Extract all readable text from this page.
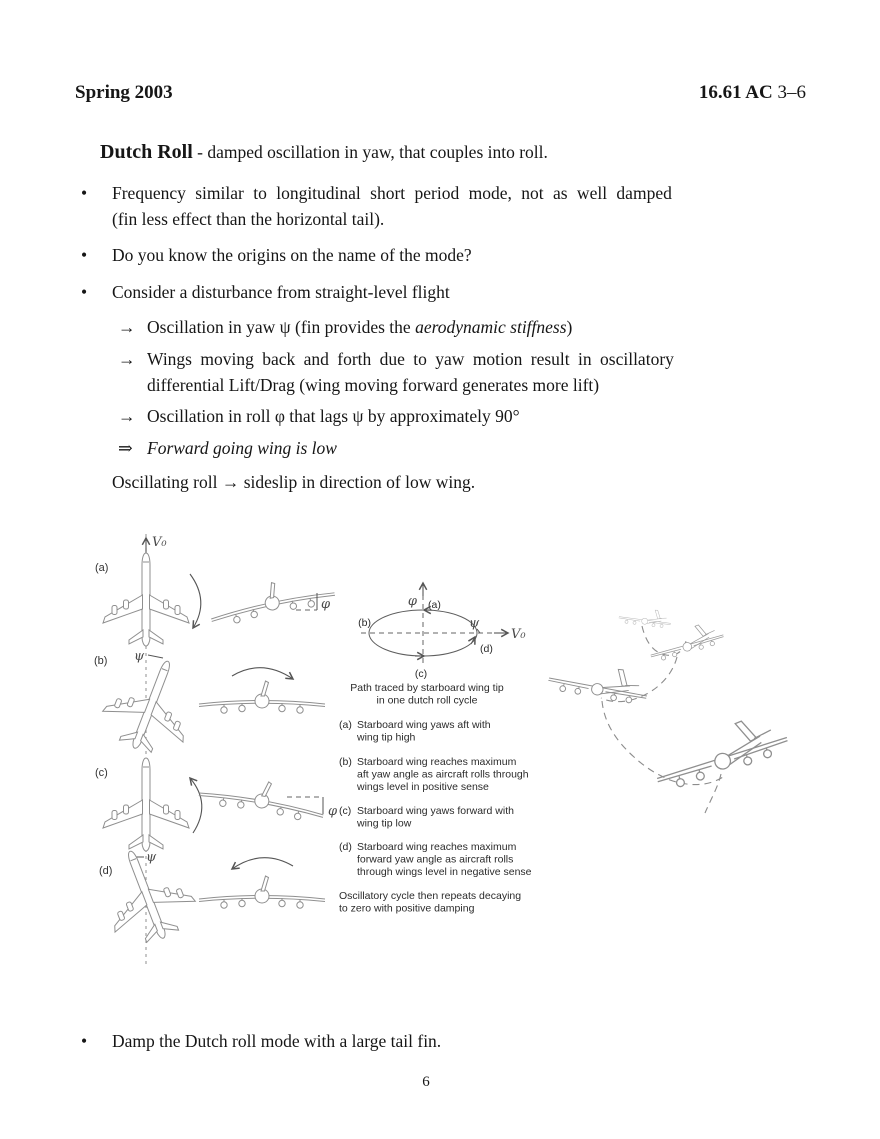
Spring 2003	16.61 AC 3–6
Dutch Roll - damped oscillation in yaw, that couples into roll.
•	Frequency similar to longitudinal short period mode, not as well damped
(fin less effect than the horizontal tail).
•	Do you know the origins on the name of the mode?
•	Consider a disturbance from straight-level flight
→ Oscillation in yaw ψ (fin provides the aerodynamic stiffness)
→ Wings moving back and forth due to yaw motion result in oscillatory
differential Lift/Drag (wing moving forward generates more lift)
→ Oscillation in roll φ that lags ψ by approximately 90°
⇒ Forward going wing is low
Oscillating roll → sideslip in direction of low wing.
V₀
(a)
φ
(b) ψ
(c)
φ
(d)
ψ
φ (a)
V₀
(b)	ψ
(d)
(c)
Path traced by starboard wing tip
in one dutch roll cycle
(a) Starboard wing yaws aft with
wing tip high
(b) Starboard wing reaches maximum
aft yaw angle as aircraft rolls through
wings level in positive sense
(c) Starboard wing yaws forward with
wing tip low
(d) Starboard wing reaches maximum
forward yaw angle as aircraft rolls
through wings level in negative sense
Oscillatory cycle then repeats decaying
to zero with positive damping
•	Damp the Dutch roll mode with a large tail fin.
6
